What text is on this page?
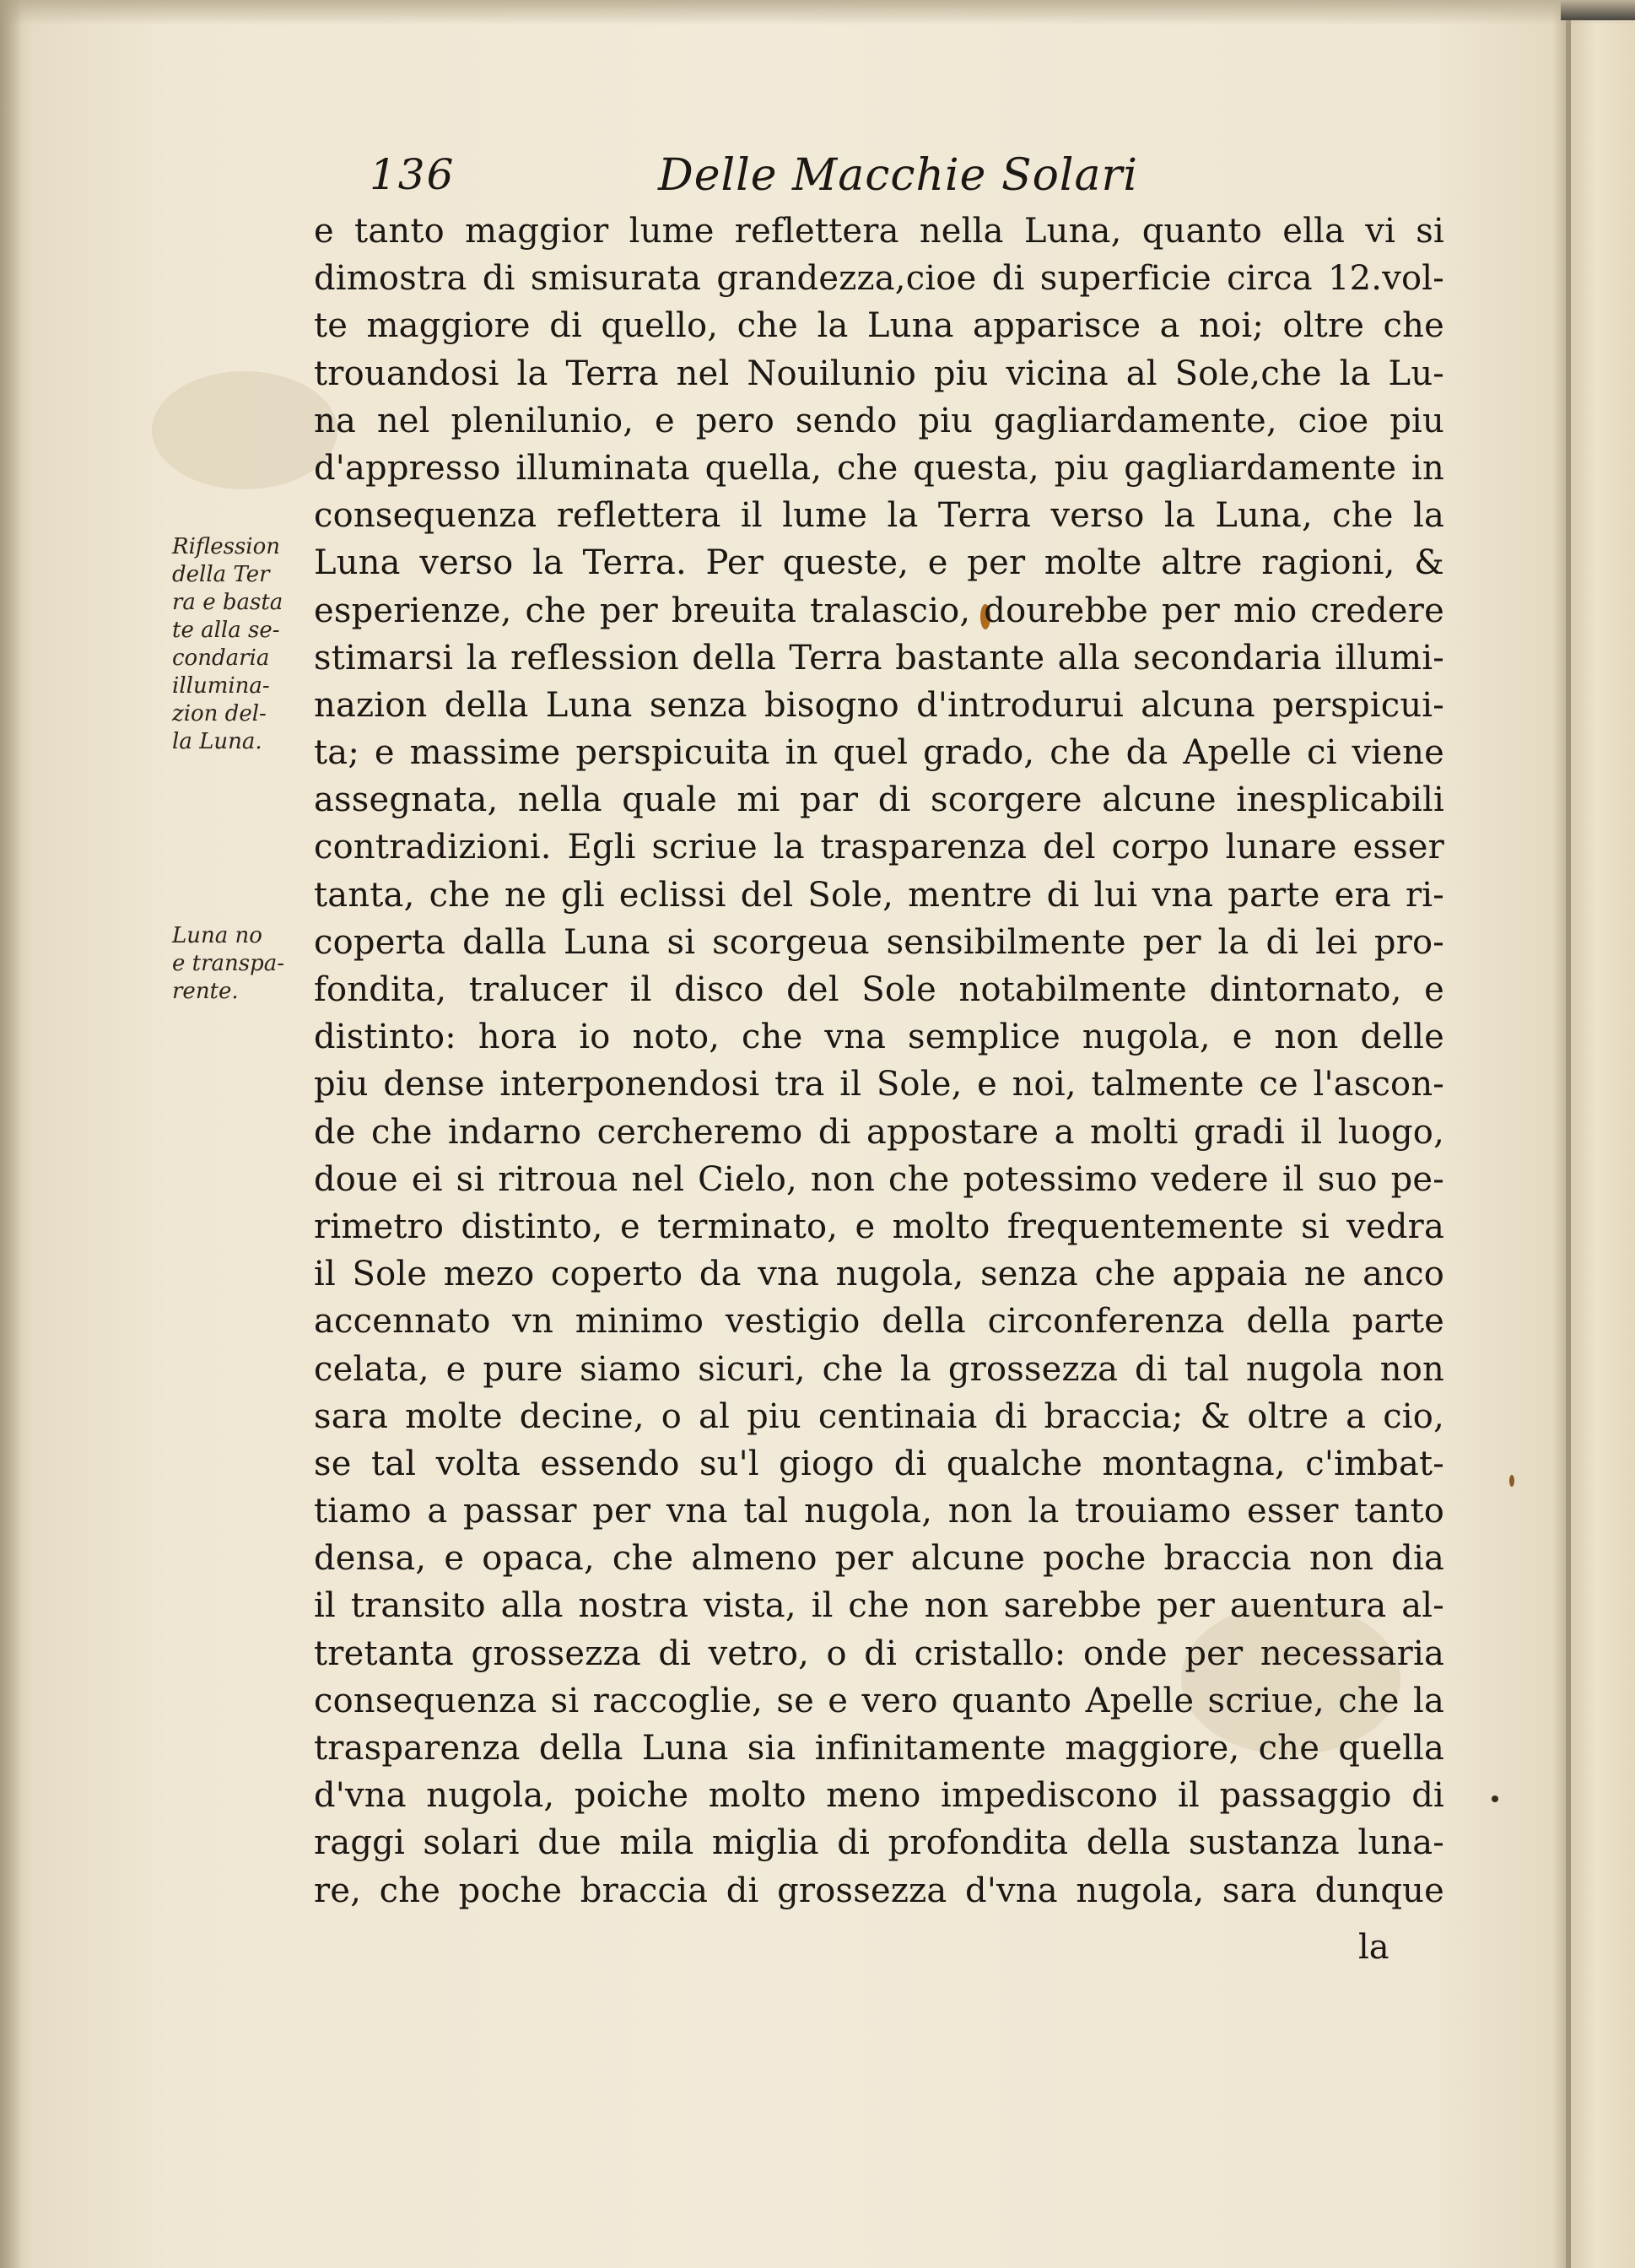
136	Delle Macchie Solari
Riflession
della Ter
ra e basta
te alla se-
condaria
illumina-
zion del-
la Luna.
Luna no
e transpa-
rente.
e tanto maggior lume reflettera nella Luna, quanto ella vi si
dimostra di smisurata grandezza,cioe di superficie circa 12.vol-
te maggiore di quello, che la Luna apparisce a noi; oltre che
trouandosi la Terra nel Nouilunio piu vicina al Sole,che la Lu-
na nel plenilunio, e pero sendo piu gagliardamente, cioe piu
d'appresso illuminata quella, che questa, piu gagliardamente in
consequenza reflettera il lume la Terra verso la Luna, che la
Luna verso la Terra. Per queste, e per molte altre ragioni, &
esperienze, che per breuita tralascio, dourebbe per mio credere
stimarsi la reflession della Terra bastante alla secondaria illumi-
nazion della Luna senza bisogno d'introdurui alcuna perspicui-
ta; e massime perspicuita in quel grado, che da Apelle ci viene
assegnata, nella quale mi par di scorgere alcune inesplicabili
contradizioni. Egli scriue la trasparenza del corpo lunare esser
tanta, che ne gli eclissi del Sole, mentre di lui vna parte era ri-
coperta dalla Luna si scorgeua sensibilmente per la di lei pro-
fondita, tralucer il disco del Sole notabilmente dintornato, e
distinto: hora io noto, che vna semplice nugola, e non delle
piu dense interponendosi tra il Sole, e noi, talmente ce l'ascon-
de che indarno cercheremo di appostare a molti gradi il luogo,
doue ei si ritroua nel Cielo, non che potessimo vedere il suo pe-
rimetro distinto, e terminato, e molto frequentemente si vedra
il Sole mezo coperto da vna nugola, senza che appaia ne anco
accennato vn minimo vestigio della circonferenza della parte
celata, e pure siamo sicuri, che la grossezza di tal nugola non
sara molte decine, o al piu centinaia di braccia; & oltre a cio,
se tal volta essendo su'l giogo di qualche montagna, c'imbat-
tiamo a passar per vna tal nugola, non la trouiamo esser tanto
densa, e opaca, che almeno per alcune poche braccia non dia
il transito alla nostra vista, il che non sarebbe per auentura al-
tretanta grossezza di vetro, o di cristallo: onde per necessaria
consequenza si raccoglie, se e vero quanto Apelle scriue, che la
trasparenza della Luna sia infinitamente maggiore, che quella
d'vna nugola, poiche molto meno impediscono il passaggio di
raggi solari due mila miglia di profondita della sustanza luna-
re, che poche braccia di grossezza d'vna nugola, sara dunque
la
